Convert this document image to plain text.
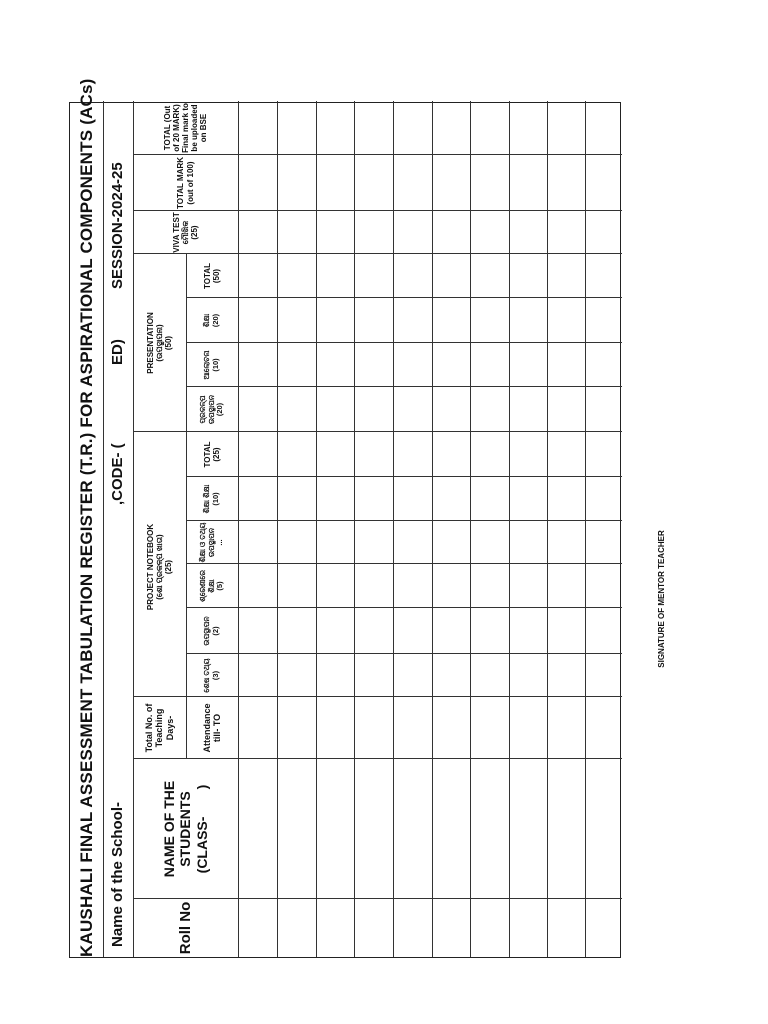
KAUSHALI FINAL ASSESSMENT TABULATION REGISTER (T.R.) FOR ASPIRATIONAL COMPONENTS (ACs) Name of the School-
,CODE- (
ED)
SESSION-2024-25
Roll No
NAME OF THE STUDENTS (CLASS-       )
Total No. of Teaching Days-	Attendance till- TO
PROJECT NOTEBOOK (ଶୋ ପ୍ରକଳ୍ପ ଖାତା) (25)
ଶେଷ ତଥ୍ୟ (3)
ଉପସ୍ଥାପନ (2)
ଶ୍ରେଣୀରେ ଶିକ୍ଷା (5)
ଶିକ୍ଷା ଓ ତଥ୍ୟ ଉପସ୍ଥାପନ ...
ଶିକ୍ଷା ଶିକ୍ଷା (10)
TOTAL (25)
PRESENTATION (ଉପସ୍ଥାପନା) (50)
ପ୍ରକଳ୍ପ ଉପସ୍ଥାପନ (20)
ଆଲୋଚନା (10)
ଶିକ୍ଷା (20)
TOTAL (50)
VIVA TEST ମୌଖିକ (25)
TOTAL MARK (out of 100)
TOTAL (Out of 20 MARK) Final mark to be uploaded on BSE
SIGNATURE OF MENTOR TEACHER
